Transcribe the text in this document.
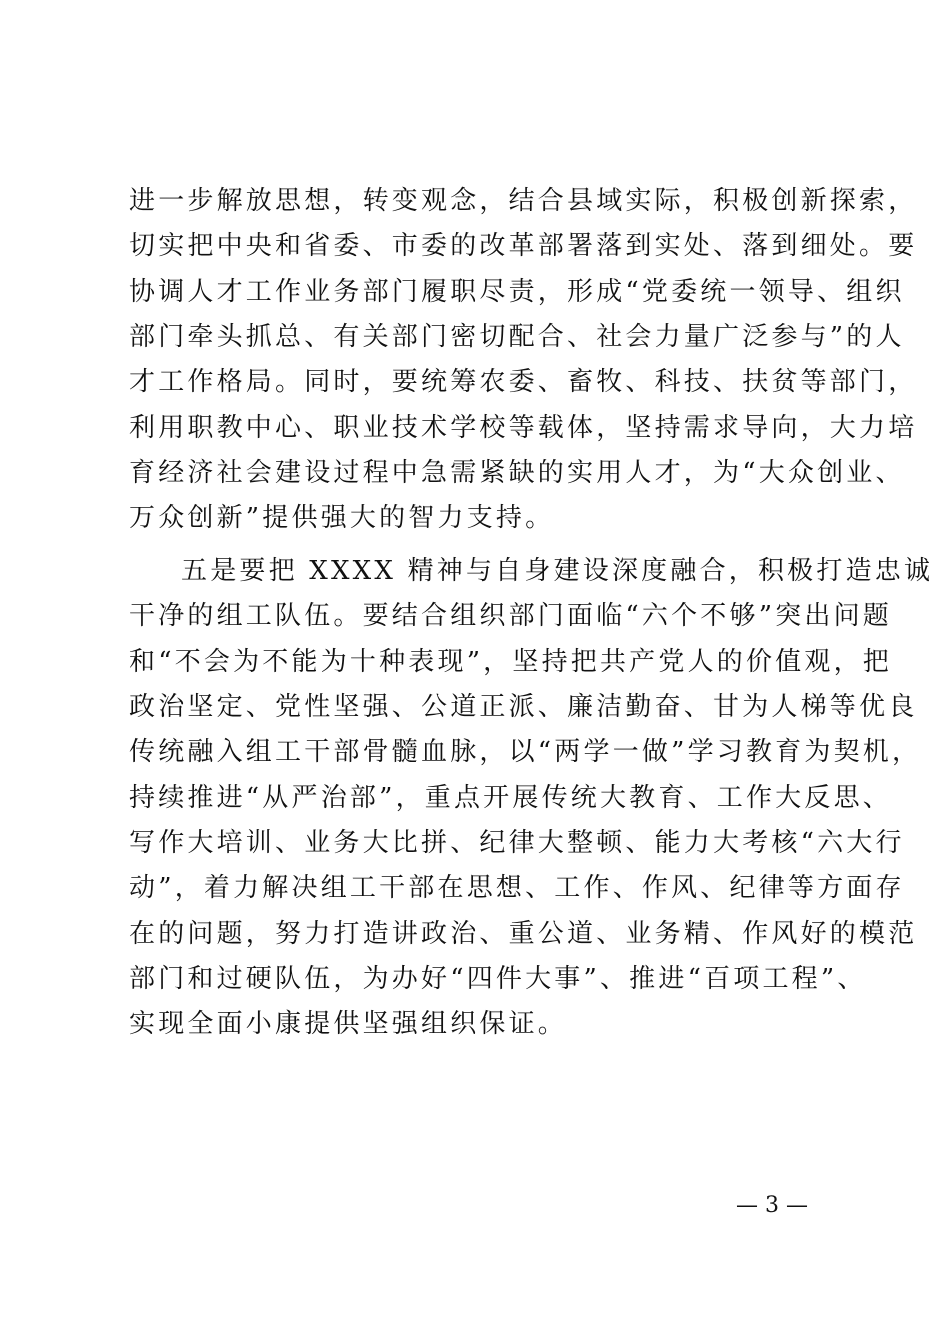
进一步解放思想，转变观念，结合县域实际，积极创新探索，
切实把中央和省委、市委的改革部署落到实处、落到细处。要
协调人才工作业务部门履职尽责，形成“党委统一领导、组织
部门牵头抓总、有关部门密切配合、社会力量广泛参与”的人
才工作格局。同时，要统筹农委、畜牧、科技、扶贫等部门，
利用职教中心、职业技术学校等载体，坚持需求导向，大力培
育经济社会建设过程中急需紧缺的实用人才，为“大众创业、
万众创新”提供强大的智力支持。
五是要把 XXXX 精神与自身建设深度融合，积极打造忠诚
干净的组工队伍。要结合组织部门面临“六个不够”突出问题
和“不会为不能为十种表现”，坚持把共产党人的价值观，把
政治坚定、党性坚强、公道正派、廉洁勤奋、甘为人梯等优良
传统融入组工干部骨髓血脉，以“两学一做”学习教育为契机，
持续推进“从严治部”，重点开展传统大教育、工作大反思、
写作大培训、业务大比拼、纪律大整顿、能力大考核“六大行
动”，着力解决组工干部在思想、工作、作风、纪律等方面存
在的问题，努力打造讲政治、重公道、业务精、作风好的模范
部门和过硬队伍，为办好“四件大事”、推进“百项工程”、
实现全面小康提供坚强组织保证。
— 3 —
